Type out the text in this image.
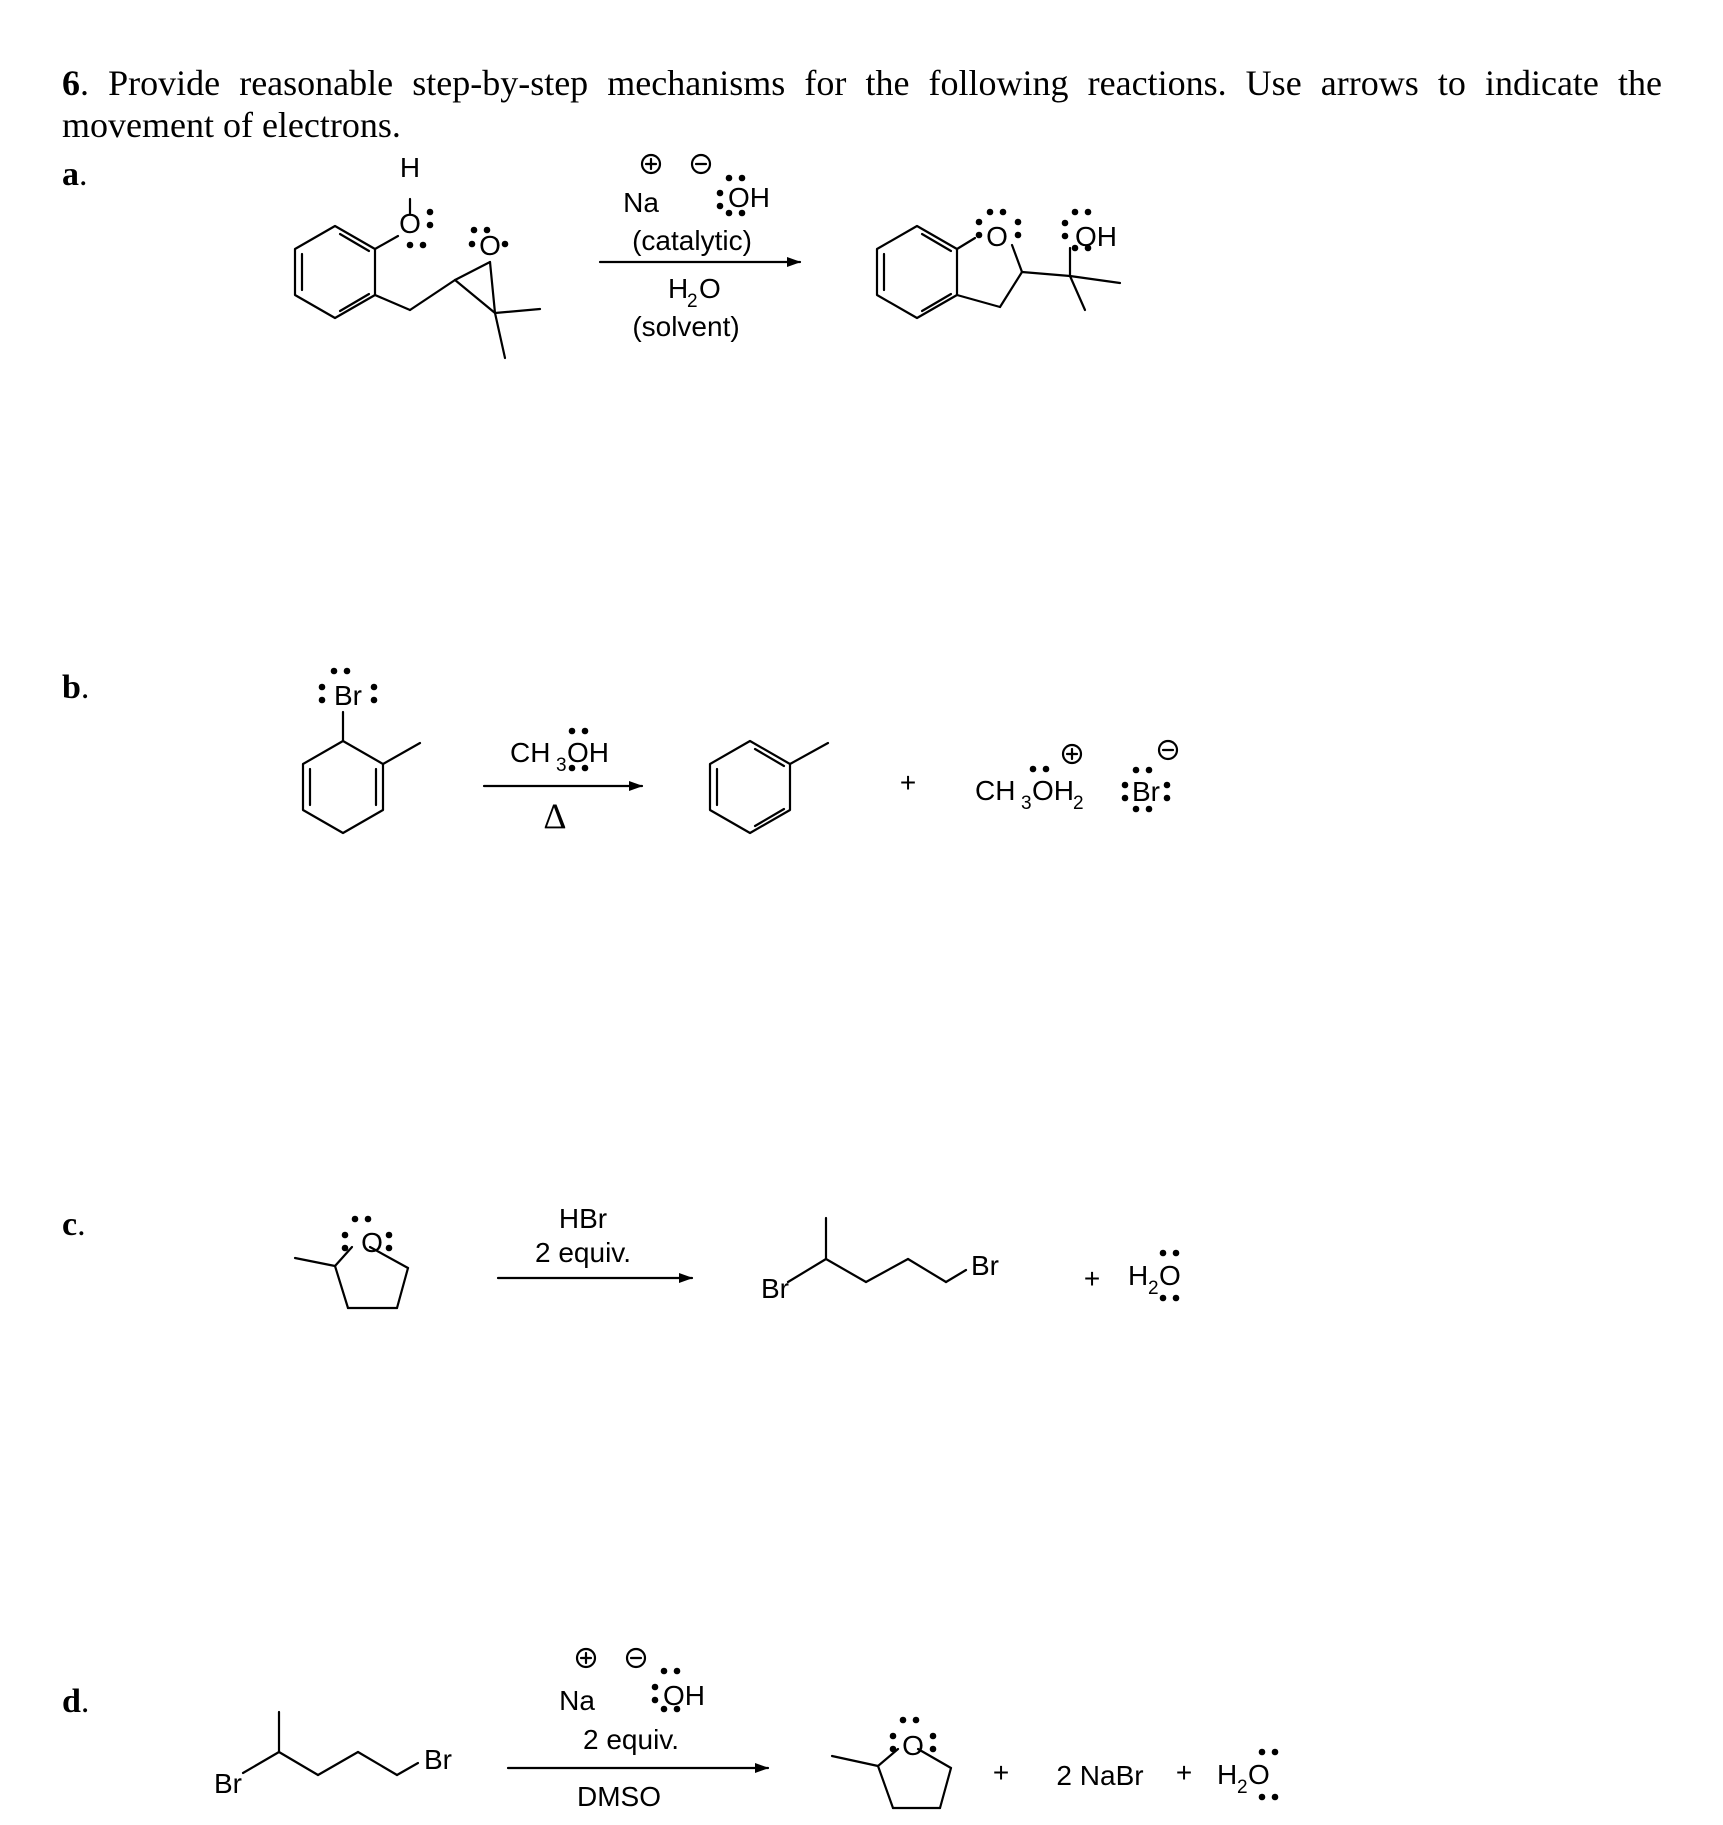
6. Provide reasonable step-by-step mechanisms for the following reactions. Use arrows to indicate the movement of electrons.
a.
b.
c.
d.
H
O
O
Na OH
(catalytic)
H
2 O
(solvent)
O OH
Br
CH 3 OH
Δ
+ CH 3 OH 2 Br
O
HBr
2 equiv.
Br
Br	+ H 2 O
Br
Br
Na OH
2 equiv.
DMSO
O
+ 2 NaBr + H 2 O
